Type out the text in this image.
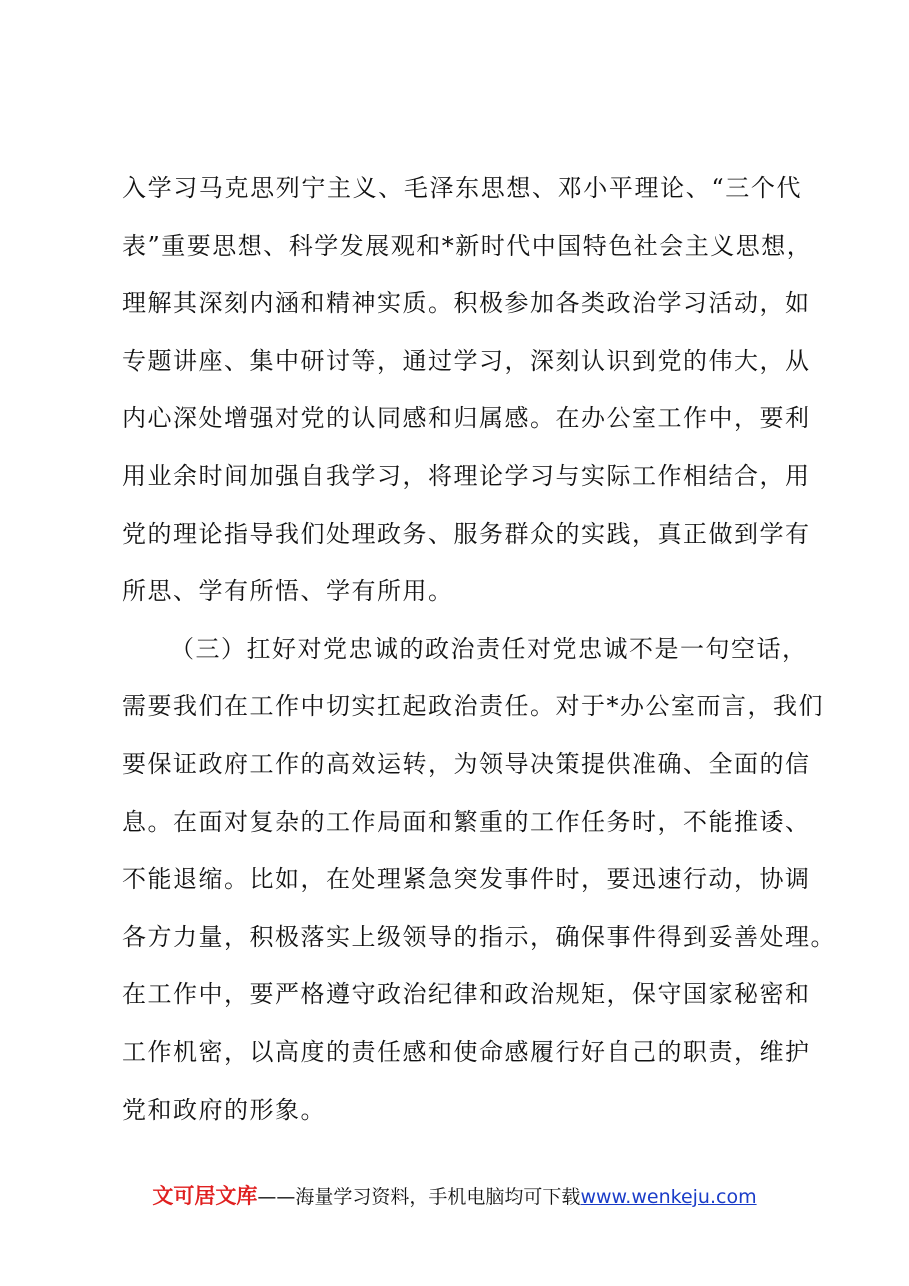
入学习马克思列宁主义、毛泽东思想、邓小平理论、“三个代
表”重要思想、科学发展观和*新时代中国特色社会主义思想，
理解其深刻内涵和精神实质。积极参加各类政治学习活动，如
专题讲座、集中研讨等，通过学习，深刻认识到党的伟大，从
内心深处增强对党的认同感和归属感。在办公室工作中，要利
用业余时间加强自我学习，将理论学习与实际工作相结合，用
党的理论指导我们处理政务、服务群众的实践，真正做到学有
所思、学有所悟、学有所用。
（三）扛好对党忠诚的政治责任对党忠诚不是一句空话，
需要我们在工作中切实扛起政治责任。对于*办公室而言，我们
要保证政府工作的高效运转，为领导决策提供准确、全面的信
息。在面对复杂的工作局面和繁重的工作任务时，不能推诿、
不能退缩。比如，在处理紧急突发事件时，要迅速行动，协调
各方力量，积极落实上级领导的指示，确保事件得到妥善处理。
在工作中，要严格遵守政治纪律和政治规矩，保守国家秘密和
工作机密，以高度的责任感和使命感履行好自己的职责，维护
党和政府的形象。
文可居文库——海量学习资料，手机电脑均可下载www.wenkeju.com
